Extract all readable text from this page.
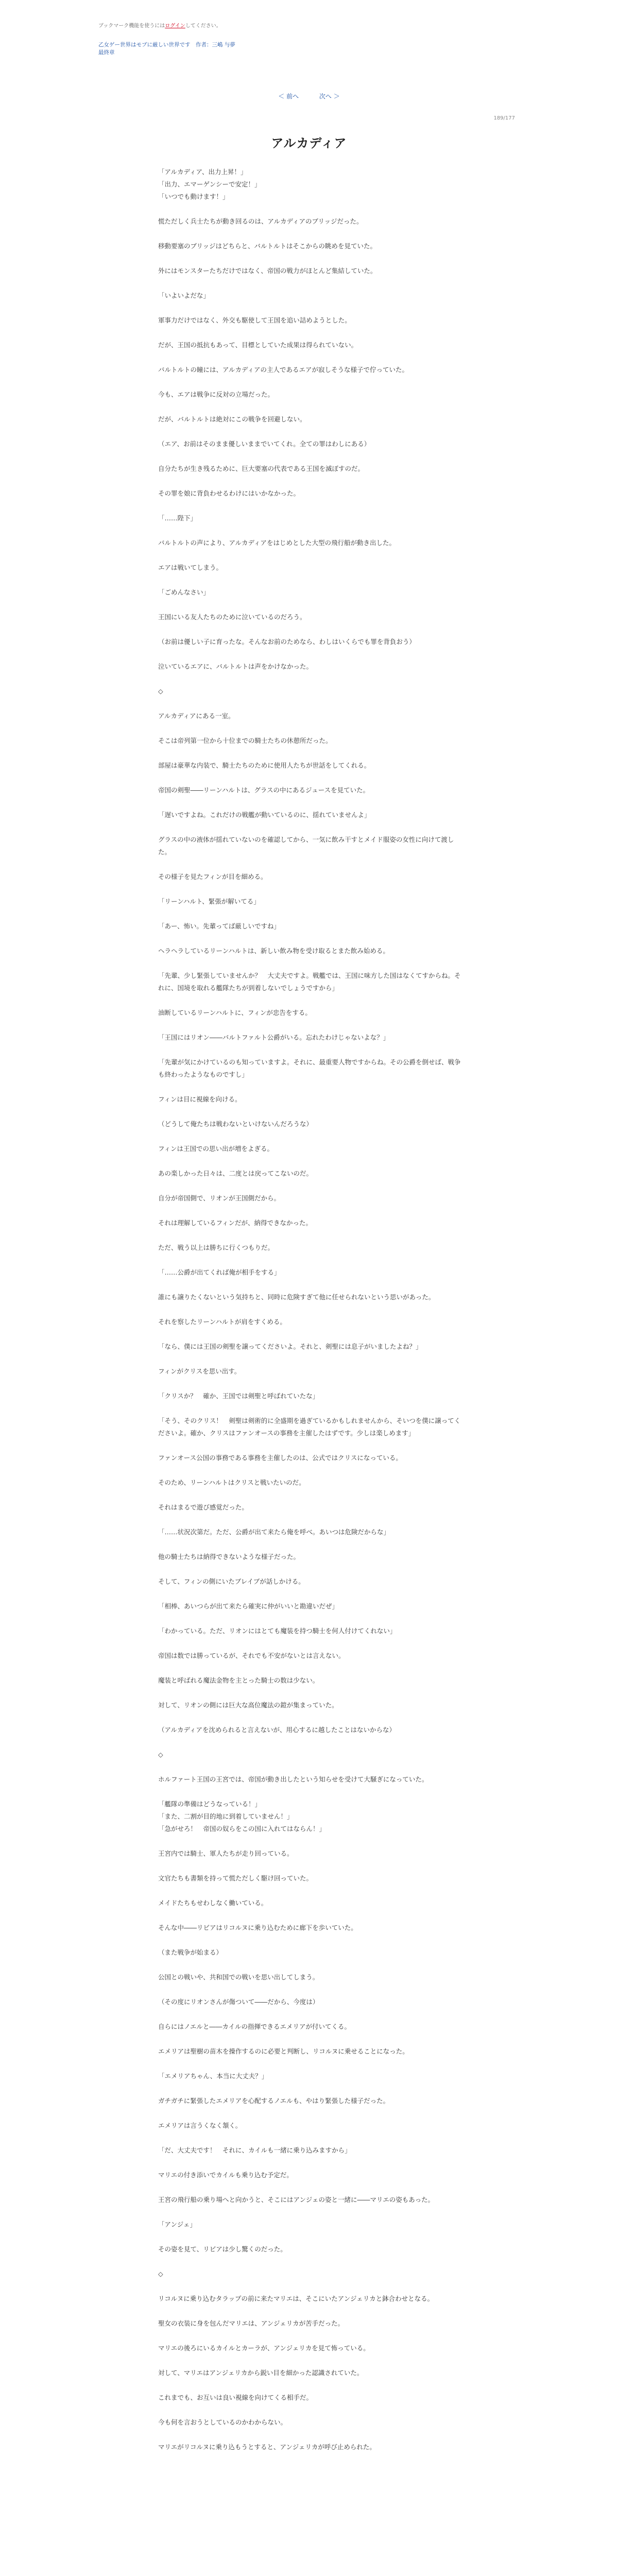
ブックマーク機能を使うにはログインしてください。

乙女ゲー世界はモブに厳しい世界です　 作者：三嶋 与夢

最終章

＜ 前へ	次へ ＞
189/177
アルカディア

「アルカディア、出力上昇！」

「出力、エマーゲンシーで安定！」

「いつでも動けます！」

慌ただしく兵士たちが動き回るのは、アルカディアのブリッジだった。

移動要塞のブリッジはどちらと、バルトルトはそこからの眺めを見ていた。

外にはモンスターたちだけではなく、帝国の戦力がほとんど集結していた。

「いよいよだな」

軍事力だけではなく、外交も駆使して王国を追い詰めようとした。

だが、王国の抵抗もあって、目標としていた成果は得られていない。

バルトルトの瞳には、アルカディアの主人であるエアが寂しそうな様子で佇っていた。

今も、エアは戦争に反対の立場だった。

だが、バルトルトは絶対にこの戦争を回避しない。

（エア、お前はそのまま優しいままでいてくれ。全ての罪はわしにある）

自分たちが生き残るために、巨大要塞の代表である王国を滅ぼすのだ。

その罪を娘に背負わせるわけにはいかなかった。

「……陛下」

バルトルトの声により、アルカディアをはじめとした大型の飛行船が動き出した。

エアは戦いてしまう。

「ごめんなさい」

王国にいる友人たちのために泣いているのだろう。

（お前は優しい子に育ったな。そんなお前のためなら、わしはいくらでも罪を背負おう）

泣いているエアに、バルトルトは声をかけなかった。

◇

アルカディアにある一室。

そこは帝列第一位から十位までの騎士たちの休憩所だった。

部屋は豪華な内装で、騎士たちのために使用人たちが世話をしてくれる。

帝国の剣聖――リーンハルトは、グラスの中にあるジュースを見ていた。

「遅いですよね。これだけの戦艦が動いているのに、揺れていませんよ」

グラスの中の液体が揺れていないのを確認してから、一気に飲み干すとメイド服姿の女性に向けて渡した。

その様子を見たフィンが目を細める。

「リーンハルト、緊張が解いてる」

「あー、怖い。先輩ってば厳しいですね」

ヘラヘラしているリーンハルトは、新しい飲み物を受け取るとまた飲み始める。

「先輩、少し緊張していませんか？　大丈夫ですよ。戦艦では、王国に味方した国はなくてすからね。それに、国境を取れる艦隊たちが到着しないでしょうですから」

油断しているリーンハルトに、フィンが忠告をする。

「王国にはリオン――バルトファルト公爵がいる。忘れたわけじゃないよな？」

「先輩が気にかけているのも知っていますよ。それに、最重要人物ですからね。その公爵を倒せば、戦争も終わったようなものですし」

フィンは目に視線を向ける。

（どうして俺たちは戦わないといけないんだろうな）

フィンは王国での思い出が増をよぎる。

あの楽しかった日々は、二度とは戻ってこないのだ。

自分が帝国側で、リオンが王国側だから。

それは理解しているフィンだが、納得できなかった。

ただ、戦う以上は勝ちに行くつもりだ。

「……公爵が出てくれば俺が相手をする」

誰にも譲りたくないという気持ちと、同時に危険すぎて他に任せられないという思いがあった。

それを察したリーンハルトが肩をすくめる。

「なら、僕には王国の剣聖を譲ってくださいよ。それと、剣聖には息子がいましたよね？」

フィンがクリスを思い出す。

「クリスか？　確か、王国では剣聖と呼ばれていたな」

「そう、そのクリス！　剣聖は剣術的に全盛期を過ぎているかもしれませんから、そいつを僕に譲ってくださいよ。確か、クリスはファンオースの事務を主催したはずです。少しは楽しめます」

ファンオース公国の事務である事務を主催したのは、公式ではクリスになっている。

そのため、リーンハルトはクリスと戦いたいのだ。

それはまるで遊び感覚だった。

「……状況次第だ。ただ、公爵が出て来たら俺を呼べ。あいつは危険だからな」

他の騎士たちは納得できないような様子だった。

そして、フィンの側にいたブレイブが話しかける。

「相棒、あいつらが出て来たら確実に仲がいいと勘違いだぜ」

「わかっている。ただ、リオンにはとても魔装を持つ騎士を何人付けてくれない」

帝国は数では勝っているが、それでも不安がないとは言えない。

魔装と呼ばれる魔法金物を主とった騎士の数は少ない。

対して、リオンの側には巨大な高位魔法の鎧が集まっていた。

（アルカディアを沈められると言えないが、用心するに越したことはないからな）

◇

ホルファート王国の王宮では、帝国が動き出したという知らせを受けて大騒ぎになっていた。

「艦隊の準備はどうなっている！」

「また、二割が目的地に到着していません！」

「急がせろ！　帝国の奴らをこの国に入れてはならん！」

王宮内では騎士、軍人たちが走り回っている。

文官たちも書類を持って慌ただしく駆け回っていた。

メイドたちもせわしなく働いている。

そんな中――リビアはリコルヌに乗り込むために廊下を歩いていた。

（また戦争が始まる）

公国との戦いや、共和国での戦いを思い出してしまう。

（その度にリオンさんが傷ついて――だから、今度は）

自らにはノエルと――カイルの指揮できるエメリアが付いてくる。

エメリアは聖樹の苗木を操作するのに必要と判断し、リコルヌに乗せることになった。

「エメリアちゃん、本当に大丈夫？」

ガチガチに緊張したエメリアを心配するノエルも、やはり緊張した様子だった。

エメリアは言うくなく頷く。

「だ、大丈夫です！　それに、カイルも一緒に乗り込みますから」

マリエの付き添いでカイルも乗り込む予定だ。

王宮の飛行船の乗り場へと向かうと、そこにはアンジェの姿と一緒に――マリエの姿もあった。

「アンジェ」

その姿を見て、リビアは少し驚くのだった。

◇

リコルヌに乗り込むタラップの前に来たマリエは、そこにいたアンジェリカと鉢合わせとなる。

聖女の衣装に身を包んだマリエは、アンジェリカが苦手だった。

マリエの後ろにいるカイルとカーラが、アンジェリカを見て怖っている。

対して、マリエはアンジェリカから鋭い目を細かった認識されていた。

これまでも、お互いは良い視線を向けてくる相手だ。

今も何を言おうとしているのかわからない。

マリエがリコルヌに乗り込もうとすると、アンジェリカが呼び止められた。
